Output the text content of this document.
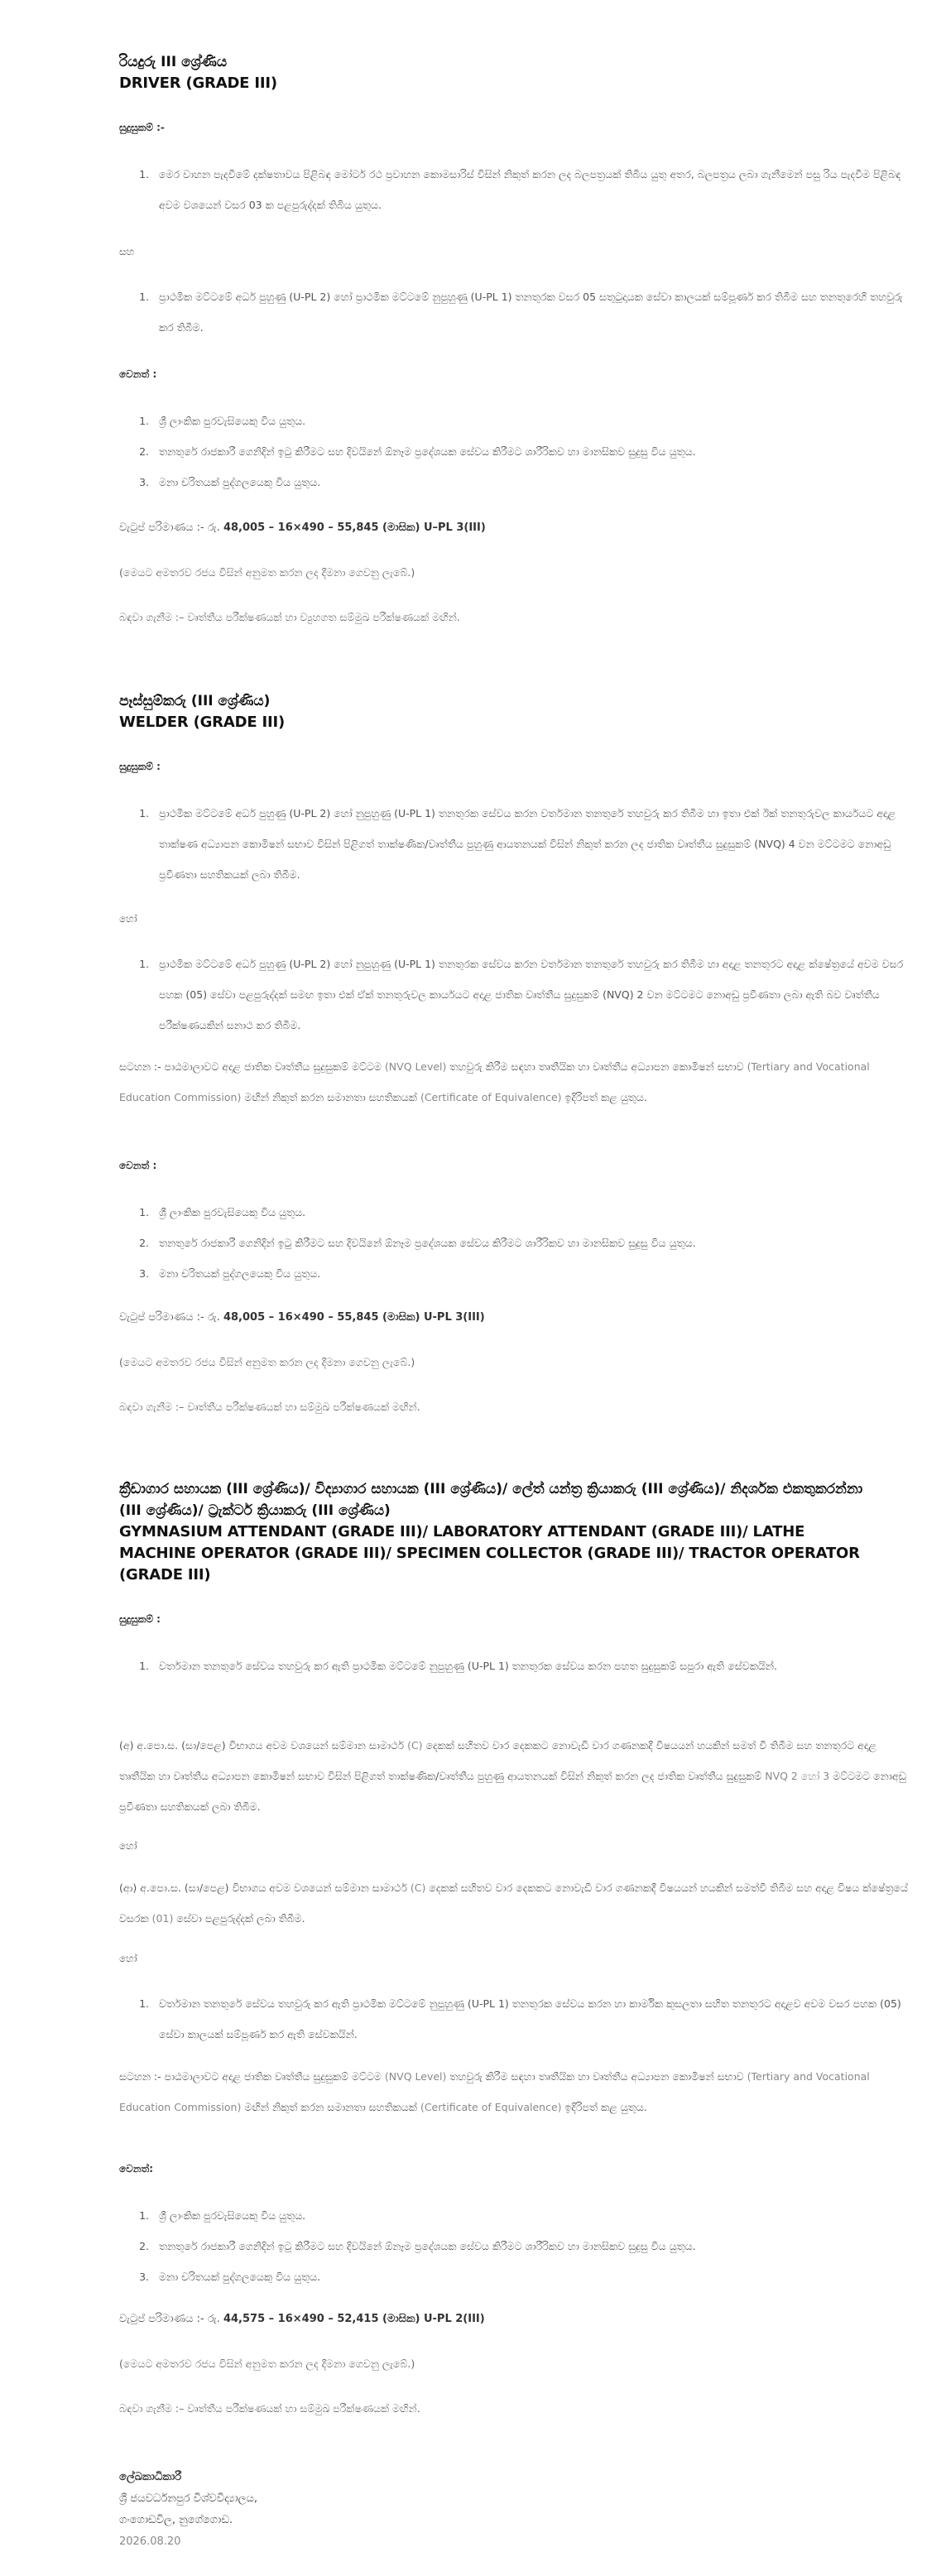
රියදුරු III ශ්‍රේණිය
DRIVER (GRADE III)
සුදුසුකම් :-
1. මෙර වාහන පැදවීමේ දක්ෂතාවය පිළිබඳ මෝටර් රථ ප්‍රවාහන කොමසාරිස් විසින් නිකුත් කරන ලද බලපත්‍රයක් තිබිය යුතු අතර, බලපත්‍රය ලබා ගැනීමෙන් පසු රිය පැදවීම පිළිබඳ අවම වශයෙන් වසර 03 ක පළපුරුද්දක් තිබිය යුතුය.
සහ
1. ප්‍රාථමික මට්ටමේ අර්ධ පුහුණු (U-PL 2) හෝ ප්‍රාථමික මට්ටමේ නුපුහුණු (U-PL 1) තනතුරක වසර 05 සතුටුදායක සේවා කාලයක් සම්පූර්ණ කර තිබීම සහ තනතුරෙහි තහවුරු කර තිබීම.
වෙනත් :
1. ශ්‍රී ලාංකික පුරවැසියෙකු විය යුතුය.
2. තනතුරේ රාජකාරී ගෙනිදින් ඉටු කිරීමට සහ දිවයිනේ ඕනෑම ප්‍රදේශයක සේවය කිරීමට ශාරීරිකව හා මානසිකව සුදුසු විය යුතුය.
3. මනා චරිතයක් පුද්ගලයෙකු විය යුතුය.
වැටුප් පරිමාණය :- රු. 48,005 – 16×490 – 55,845 (මාසික) U–PL 3(III)
(මෙයට අමතරව රජය විසින් අනුමත කරන ලද දීමනා ගෙවනු ලැබේ.)
බඳවා ගැනීම :– වෘත්තීය පරීක්ෂණයක් හා ව්‍යුහගත සම්මුඛ පරීක්ෂණයක් මඟින්.
පෑස්සුම්කරු (III ශ්‍රේණිය)
WELDER (GRADE III)
සුදුසුකම් :
1. ප්‍රාථමික මට්ටමේ අර්ධ පුහුණු (U-PL 2) හෝ නුපුහුණු (U-PL 1) තනතුරක සේවය කරන වර්තමාන තනතුරේ තහවුරු කර තිබීම හා ඉතා එක් ඊක් තනතුරුවල කාර්යයට අදාළ තාක්ෂණ අධ්‍යාපන කොමිෂන් සභාව විසින් පිළිගත් තාක්ෂණික/වෘත්තීය පුහුණු ආයතනයක් විසින් නිකුත් කරන ලද ජාතික වෘත්තීය සුදුසුකම් (NVQ) 4 වන මට්ටමට නොඅඩු ප්‍රවීණතා සහතිකයක් ලබා තිබීම.
හෝ
1. ප්‍රාථමික මට්ටමේ අර්ධ පුහුණු (U-PL 2) හෝ නුපුහුණු (U-PL 1) තනතුරක සේවය කරන වර්තමාන තනතුරේ තහවුරු කර තිබීම හා අදාළ තනතුරට අදාළ ක්ෂේත්‍රයේ අවම වසර පහක (05) සේවා පළපුරුද්දක් සමඟ ඉතා එක් ඒක් තනතුරුවල කාර්යයට අදාළ ජාතික වෘත්තීය සුදුසුකම් (NVQ) 2 වන මට්ටමට නොඅඩු ප්‍රවීණතා ලබා ඇති බව වෘත්තීය පරීක්ෂණයකින් සනාථ කර තිබීම.
සටහන :- පාඨමාලාවට අදාළ ජාතික වෘත්තීය සුදුසුකම් මට්ටම (NVQ Level) තහවුරු කිරීම සඳහා තෘතීයික හා වෘත්තීය අධ්‍යාපන කොමිෂන් සභාව (Tertiary and Vocational Education Commission) මඟින් නිකුත් කරන සමානතා සහතිකයක් (Certificate of Equivalence) ඉදිරිපත් කළ යුතුය.
වෙනත් :
1. ශ්‍රී ලාංකික පුරවැසියෙකු විය යුතුය.
2. තනතුරේ රාජකාරී ගෙනිදින් ඉටු කිරීමට සහ දිවයිනේ ඕනෑම ප්‍රදේශයක සේවය කිරීමට ශාරීරිකව හා මානසිකව සුදුසු විය යුතුය.
3. මනා චරිතයක් පුද්ගලයෙකු විය යුතුය.
වැටුප් පරිමාණය :- රු. 48,005 – 16×490 – 55,845 (මාසික) U-PL 3(III)
(මෙයට අමතරව රජය විසින් අනුමත කරන ලද දීමනා ගෙවනු ලැබේ.)
බඳවා ගැනීම :– වෘත්තීය පරීක්ෂණයක් හා සම්මුඛ පරීක්ෂණයක් මඟින්.
ක්‍රීඩාගාර සහායක (III ශ්‍රේණිය)/ විද්‍යාගාර සහායක (III ශ්‍රේණිය)/ ලේත් යන්ත්‍ර ක්‍රියාකරු (III ශ්‍රේණිය)/ නිදර්ශක එකතුකරන්නා (III ශ්‍රේණිය)/ ට්‍රැක්ටර් ක්‍රියාකරු (III ශ්‍රේණිය)
GYMNASIUM ATTENDANT (GRADE III)/ LABORATORY ATTENDANT (GRADE III)/ LATHE MACHINE OPERATOR (GRADE III)/ SPECIMEN COLLECTOR (GRADE III)/ TRACTOR OPERATOR (GRADE III)
සුදුසුකම් :
1. වර්තමාන තනතුරේ සේවය තහවුරු කර ඇති ප්‍රාථමික මට්ටමේ නුපුහුණු (U-PL 1) තනතුරක සේවය කරන පහත සුදුසුකම් සපුරා ඇති සේවකයින්.
(අ) අ.පො.ස. (සා/පෙළ) විභාගය අවම වශයෙන් සම්මාන සාමාර්ථ (C) දෙකක් සහිතව වාර දෙකකට නොවැඩි වාර ගණනකදී විෂයයන් හයකින් සමත් වී තිබීම සහ තනතුරට අදාළ තෘතීයික හා වෘත්තීය අධ්‍යාපන කොමිෂන් සභාව විසින් පිළිගත් තාක්ෂණික/වෘත්තීය පුහුණු ආයතනයක් විසින් නිකුත් කරන ලද ජාතික වෘත්තීය සුදුසුකම් NVQ 2 හෝ 3 මට්ටමට නොඅඩු ප්‍රවීණතා සහතිකයක් ලබා තිබීම.
හෝ
(ආ) අ.පො.ස. (සා/පෙළ) විභාගය අවම වශයෙන් සම්මාන සාමාර්ථ (C) දෙකක් සහිතව වාර දෙකකට නොවැඩි වාර ගණනකදී විෂයයන් හයකින් සමත්වී තිබීම සහ අදාළ විෂය ක්ෂේත්‍රයේ වසරක (01) සේවා පළපුරුද්දක් ලබා තිබීම.
හෝ
1. වර්තමාන තනතුරේ සේවය තහවුරු කර ඇති ප්‍රාථමික මට්ටමේ නුපුහුණු (U-PL 1) තනතුරක සේවය කරන හා කාර්මික කුසලතා සහිත තනතුරට අදාළව අවම වසර පහක (05) සේවා කාලයක් සම්පූර්ණ කර ඇති සේවකයින්.
සටහන :- පාඨමාලාවට අදාළ ජාතික වෘත්තීය සුදුසුකම් මට්ටම (NVQ Level) තහවුරු කිරීම සඳහා තෘතීයික හා වෘත්තීය අධ්‍යාපන කොමිෂන් සභාව (Tertiary and Vocational Education Commission) මඟින් නිකුත් කරන සමානතා සහතිකයක් (Certificate of Equivalence) ඉදිරිපත් කළ යුතුය.
වෙනත්:
1. ශ්‍රී ලාංකික පුරවැසියෙකු විය යුතුය.
2. තනතුරේ රාජකාරී ගෙනිදින් ඉටු කිරීමට සහ දිවයිනේ ඕනෑම ප්‍රදේශයක සේවය කිරීමට ශාරීරිකව හා මානසිකව සුදුසු විය යුතුය.
3. මනා චරිතයක් පුද්ගලයෙකු විය යුතුය.
වැටුප් පරිමාණය :- රු. 44,575 – 16×490 – 52,415 (මාසික) U-PL 2(III)
(මෙයට අමතරව රජය විසින් අනුමත කරන ලද දීමනා ගෙවනු ලැබේ.)
බඳවා ගැනීම :– වෘත්තීය පරීක්ෂණයක් හා සම්මුඛ පරීක්ෂණයක් මඟින්.
ලේඛකාධිකාරී
ශ්‍රී ජයවර්ධනපුර විශ්වවිද්‍යාලය,
ගංගොඩවිල, නුගේගොඩ.
2026.08.20
